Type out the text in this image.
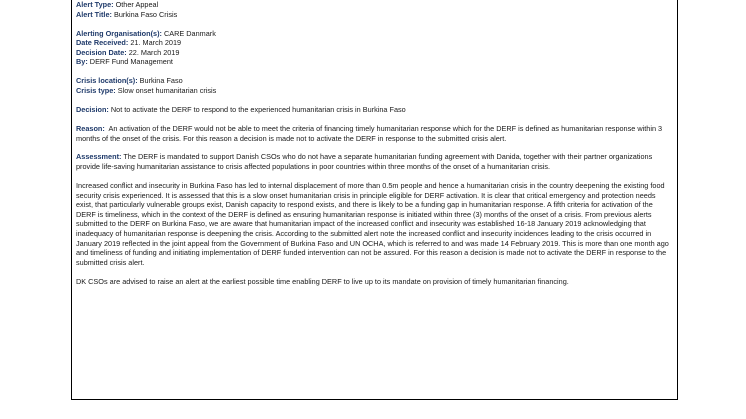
Alert Type: Other Appeal

Alert Title: Burkina Faso Crisis

Alerting Organisation(s): CARE Danmark

Date Received: 21. March 2019

Decision Date: 22. March 2019

By: DERF Fund Management

Crisis location(s): Burkina Faso

Crisis type: Slow onset humanitarian crisis

Decision: Not to activate the DERF to respond to the experienced humanitarian crisis in Burkina Faso

Reason: An activation of the DERF would not be able to meet the criteria of financing timely humanitarian response which for the DERF is defined as humanitarian response within 3 months of the onset of the crisis. For this reason a decision is made not to activate the DERF in response to the submitted crisis alert.

Assessment: The DERF is mandated to support Danish CSOs who do not have a separate humanitarian funding agreement with Danida, together with their partner organizations provide life-saving humanitarian assistance to crisis affected populations in poor countries within three months of the onset of a humanitarian crisis.

Increased conflict and insecurity in Burkina Faso has led to internal displacement of more than 0.5m people and hence a humanitarian crisis in the country deepening the existing food security crisis experienced. It is assessed that this is a slow onset humanitarian crisis in principle eligible for DERF activation. It is clear that critical emergency and protection needs exist, that particularly vulnerable groups exist, Danish capacity to respond exists, and there is likely to be a funding gap in humanitarian response. A fifth criteria for activation of the DERF is timeliness, which in the context of the DERF is defined as ensuring humanitarian response is initiated within three (3) months of the onset of a crisis. From previous alerts submitted to the DERF on Burkina Faso, we are aware that humanitarian impact of the increased conflict and insecurity was established 16-18 January 2019 acknowledging that inadequacy of humanitarian response is deepening the crisis. According to the submitted alert note the increased conflict and insecurity incidences leading to the crisis occurred in January 2019 reflected in the joint appeal from the Government of Burkina Faso and UN OCHA, which is referred to and was made 14 February 2019. This is more than one month ago and timeliness of funding and initiating implementation of DERF funded intervention can not be assured. For this reason a decision is made not to activate the DERF in response to the submitted crisis alert.

DK CSOs are advised to raise an alert at the earliest possible time enabling DERF to live up to its mandate on provision of timely humanitarian financing.
